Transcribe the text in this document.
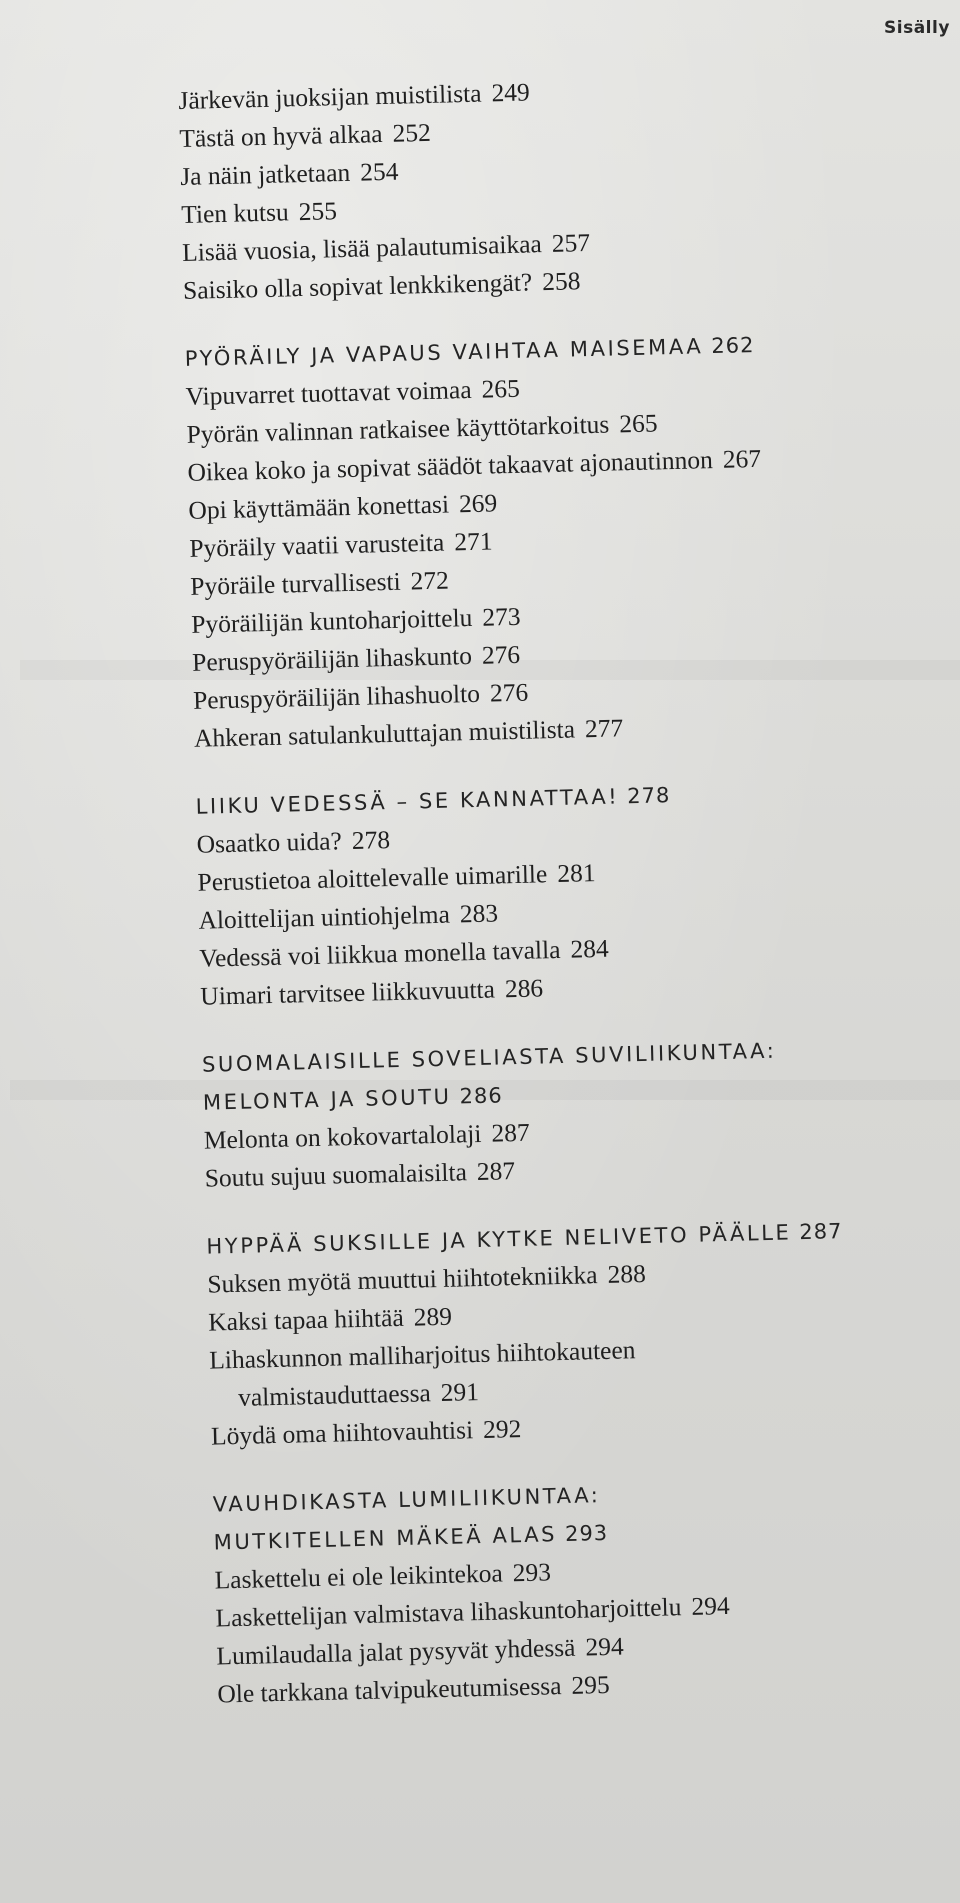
Sisälly
Järkevän juoksijan muistilista 249
Tästä on hyvä alkaa 252
Ja näin jatketaan 254
Tien kutsu 255
Lisää vuosia, lisää palautumisaikaa 257
Saisiko olla sopivat lenkkikengät? 258
PYÖRÄILY JA VAPAUS VAIHTAA MAISEMAA 262
Vipuvarret tuottavat voimaa 265
Pyörän valinnan ratkaisee käyttötarkoitus 265
Oikea koko ja sopivat säädöt takaavat ajonautinnon 267
Opi käyttämään konettasi 269
Pyöräily vaatii varusteita 271
Pyöräile turvallisesti 272
Pyöräilijän kuntoharjoittelu 273
Peruspyöräilijän lihaskunto 276
Peruspyöräilijän lihashuolto 276
Ahkeran satulankuluttajan muistilista 277
LIIKU VEDESSÄ – SE KANNATTAA! 278
Osaatko uida? 278
Perustietoa aloittelevalle uimarille 281
Aloittelijan uintiohjelma 283
Vedessä voi liikkua monella tavalla 284
Uimari tarvitsee liikkuvuutta 286
SUOMALAISILLE SOVELIASTA SUVILIIKUNTAA:
MELONTA JA SOUTU 286
Melonta on kokovartalolaji 287
Soutu sujuu suomalaisilta 287
HYPPÄÄ SUKSILLE JA KYTKE NELIVETO PÄÄLLE 287
Suksen myötä muuttui hiihtotekniikka 288
Kaksi tapaa hiihtää 289
Lihaskunnon malliharjoitus hiihtokauteen
valmistauduttaessa 291
Löydä oma hiihtovauhtisi 292
VAUHDIKASTA LUMILIIKUNTAA:
MUTKITELLEN MÄKEÄ ALAS 293
Laskettelu ei ole leikintekoa 293
Laskettelijan valmistava lihaskuntoharjoittelu 294
Lumilaudalla jalat pysyvät yhdessä 294
Ole tarkkana talvipukeutumisessa 295
